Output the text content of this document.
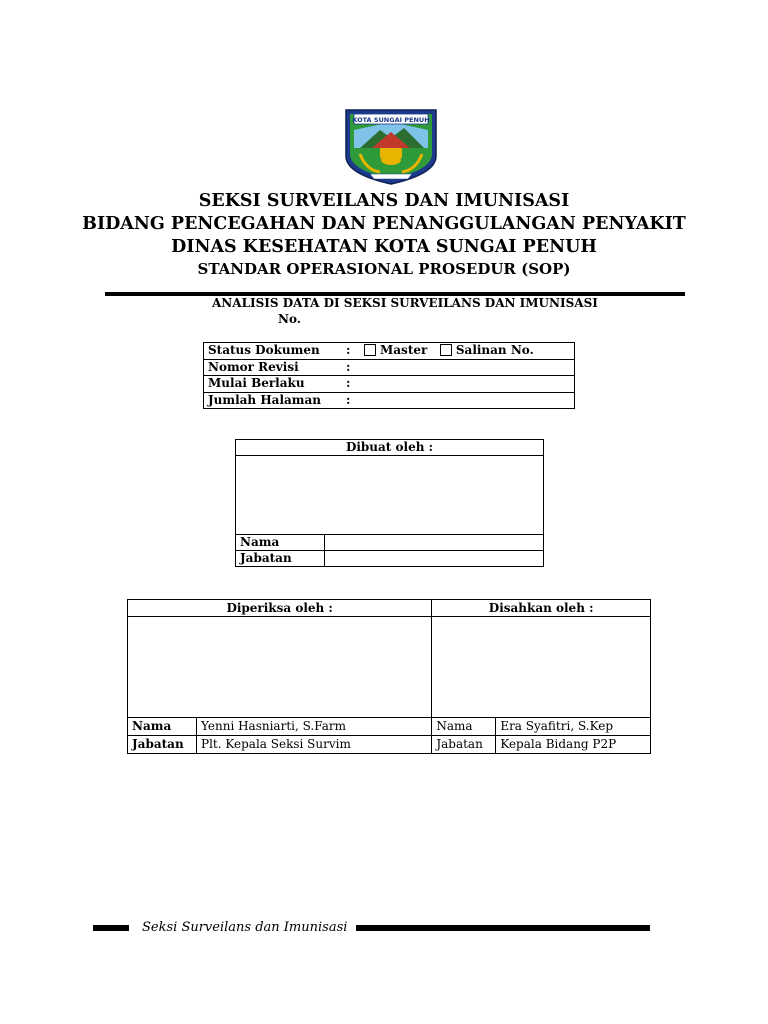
KOTA SUNGAI PENUH
SEKSI SURVEILANS DAN IMUNISASI
BIDANG PENCEGAHAN DAN PENANGGULANGAN PENYAKIT
DINAS KESEHATAN KOTA SUNGAI PENUH
STANDAR OPERASIONAL PROSEDUR (SOP)
ANALISIS DATA DI SEKSI SURVEILANS DAN IMUNISASI
No.
Status Dokumen	:	Master Salinan No.
Nomor Revisi	:	
Mulai Berlaku	:	
Jumlah Halaman	:	
Dibuat oleh :	

Nama	
Jabatan	
Diperiksa oleh :		Disahkan oleh :	

Nama	Yenni Hasniarti, S.Farm	Nama	Era Syafitri, S.Kep
Jabatan	Plt. Kepala Seksi Survim	Jabatan	Kepala Bidang P2P
Seksi Surveilans dan Imunisasi
